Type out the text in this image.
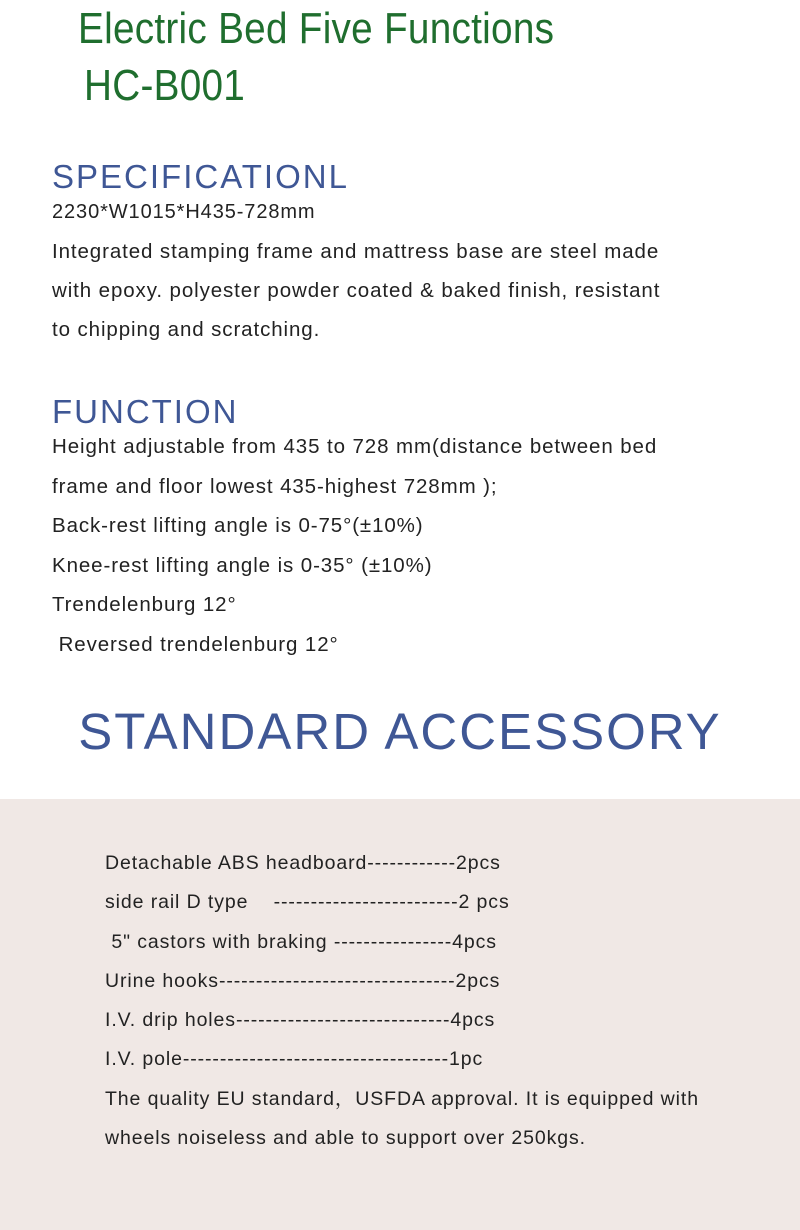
Electric Bed Five Functions
HC-B001
SPECIFICATIONL
2230*W1015*H435-728mm
Integrated stamping frame and mattress base are steel made
with epoxy. polyester powder coated & baked finish, resistant
to chipping and scratching.
FUNCTION
Height adjustable from 435 to 728 mm(distance between bed
frame and floor lowest 435-highest 728mm );
Back-rest lifting angle is 0-75°(±10%)
Knee-rest lifting angle is 0-35° (±10%)
Trendelenburg 12°
Reversed trendelenburg 12°
STANDARD ACCESSORY
Detachable ABS headboard------------2pcs
side rail D type    -------------------------2 pcs
5" castors with braking ----------------4pcs
Urine hooks--------------------------------2pcs
I.V. drip holes-----------------------------4pcs
I.V. pole------------------------------------1pc
The quality EU standard，USFDA approval. It is equipped with
wheels noiseless and able to support over 250kgs.
